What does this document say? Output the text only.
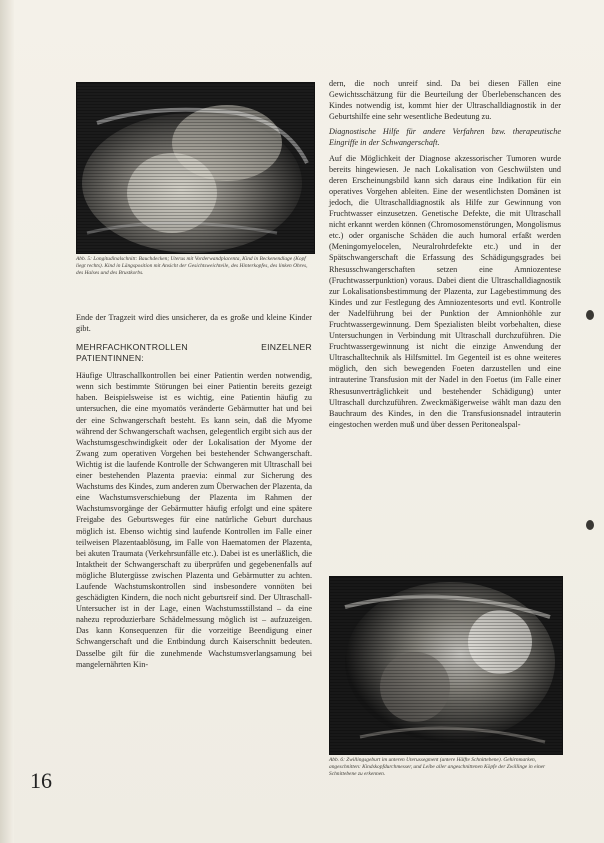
Abb. 5: Longitudinalschnitt: Bauchdecken; Uterus mit Vorderwandplacenta, Kind in Beckenendlage (Kopf liegt rechts). Kind in Längsposition mit Ansicht der Gesichtsweichteile, des Hinterkopfes, des linken Ohres, des Halses und des Brustkorbs.

Ende der Tragzeit wird dies unsicherer, da es große und kleine Kinder gibt.

MEHRFACHKONTROLLEN EINZELNER PATIENTINNEN:

Häufige Ultraschallkontrollen bei einer Patientin werden notwendig, wenn sich bestimmte Störungen bei einer Patientin bereits gezeigt haben. Beispielsweise ist es wichtig, eine Patientin häufig zu untersuchen, die eine myomatös veränderte Gebärmutter hat und bei der eine Schwangerschaft besteht. Es kann sein, daß die Myome während der Schwangerschaft wachsen, gelegentlich ergibt sich aus der Wachstumsgeschwindigkeit oder der Lokalisation der Myome der Zwang zum operativen Vorgehen bei bestehender Schwangerschaft. Wichtig ist die laufende Kontrolle der Schwangeren mit Ultraschall bei einer bestehenden Plazenta praevia: einmal zur Sicherung des Wachstums des Kindes, zum anderen zum Überwachen der Plazenta, da eine Wachstumsverschiebung der Plazenta im Rahmen der Wachstumsvorgänge der Gebärmutter häufig erfolgt und eine spätere Freigabe des Geburtsweges für eine natürliche Geburt durchaus möglich ist. Ebenso wichtig sind laufende Kontrollen im Falle einer teilweisen Plazentaablösung, im Falle von Haematomen der Plazenta, bei akuten Traumata (Verkehrsunfälle etc.). Dabei ist es unerläßlich, die Intaktheit der Schwangerschaft zu überprüfen und gegebenenfalls auf mögliche Blutergüsse zwischen Plazenta und Gebärmutter zu achten. Laufende Wachstumskontrollen sind insbesondere vonnöten bei geschädigten Kindern, die noch nicht geburtsreif sind. Der Ultraschall-Untersucher ist in der Lage, einen Wachstumsstillstand – da eine nahezu reproduzierbare Schädelmessung möglich ist – aufzuzeigen. Das kann Konsequenzen für die vorzeitige Beendigung einer Schwangerschaft und die Entbindung durch Kaiserschnitt bedeuten. Dasselbe gilt für die zunehmende Wachstumsverlangsamung bei mangelernährten Kin-

dern, die noch unreif sind. Da bei diesen Fällen eine Gewichtsschätzung für die Beurteilung der Überlebenschancen des Kindes notwendig ist, kommt hier der Ultraschalldiagnostik in der Geburtshilfe eine sehr wesentliche Bedeutung zu.

Diagnostische Hilfe für andere Verfahren bzw. therapeutische Eingriffe in der Schwangerschaft.

Auf die Möglichkeit der Diagnose akzessorischer Tumoren wurde bereits hingewiesen. Je nach Lokalisation von Geschwülsten und deren Erscheinungsbild kann sich daraus eine Indikation für ein operatives Vorgehen ableiten. Eine der wesentlichsten Domänen ist jedoch, die Ultraschalldiagnostik als Hilfe zur Gewinnung von Fruchtwasser einzusetzen. Genetische Defekte, die mit Ultraschall nicht erkannt werden können (Chromosomenstörungen, Mongolismus etc.) oder organische Schäden die auch humoral erfaßt werden (Meningomyelocelen, Neuralrohrdefekte etc.) und in der Spätschwangerschaft die Erfassung des Schädigungsgrades bei Rhesusschwangerschaften setzen eine Amniozentese (Fruchtwasserpunktion) voraus. Dabei dient die Ultraschalldiagnostik zur Lokalisationsbestimmung der Plazenta, zur Lagebestimmung des Kindes und zur Festlegung des Amniozentesorts und evtl. Kontrolle der Nadelführung bei der Punktion der Amnionhöhle zur Fruchtwassergewinnung. Dem Spezialisten bleibt vorbehalten, diese Untersuchungen in Verbindung mit Ultraschall durchzuführen. Die Fruchtwassergewinnung ist nicht die einzige Anwendung der Ultraschalltechnik als Hilfsmittel. Im Gegenteil ist es ohne weiteres möglich, den sich bewegenden Foeten darzustellen und eine intrauterine Transfusion mit der Nadel in den Foetus (im Falle einer Rhesusunverträglichkeit und bestehender Schädigung) unter Ultraschall durchzuführen. Zweckmäßigerweise wählt man dazu den Bauchraum des Kindes, in den die Transfusionsnadel intrauterin eingestochen werden muß und über dessen Peritonealspal-

Abb. 6: Zwillingsgeburt im unteren Uterussegment (untere Hälfte Schnittebene). Gehirnmarken, angeschnitten: Kindskopfdurchmesser, und Leibe aller angeschnittenen Köpfe der Zwillinge in einer Schnittebene zu erkennen.
16
